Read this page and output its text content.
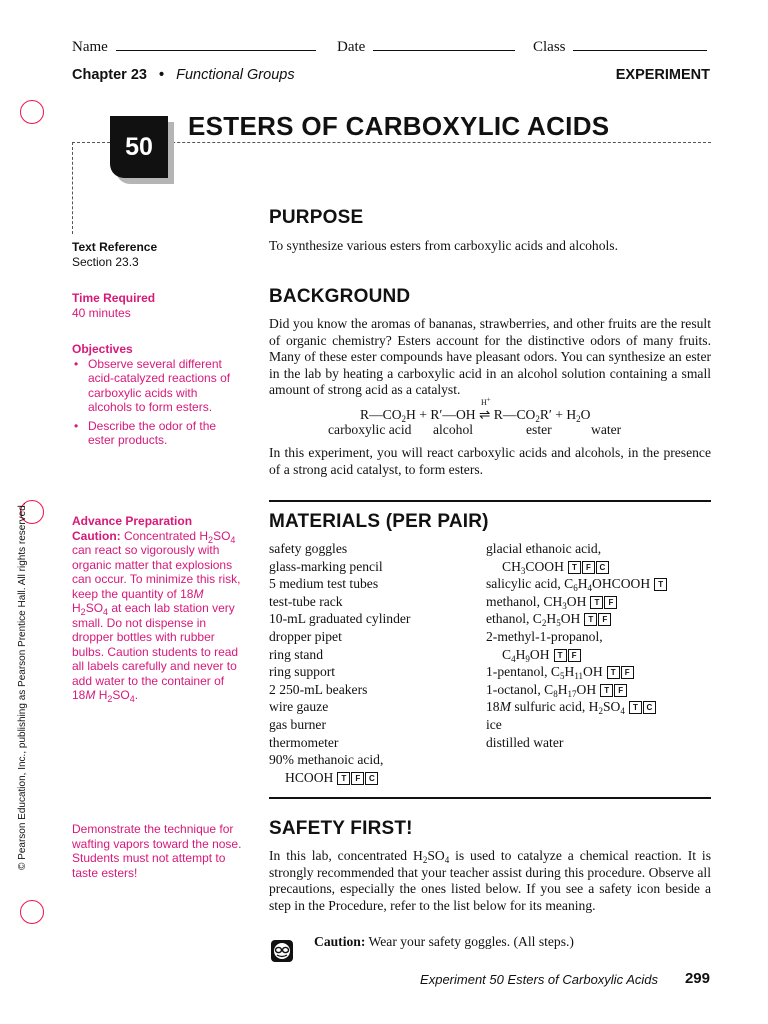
Name	Date	Class
Chapter 23 • Functional Groups	EXPERIMENT
50
ESTERS OF CARBOXYLIC ACIDS
© Pearson Education, Inc., publishing as Pearson Prentice Hall. All rights reserved.
Text Reference
Section 23.3
Time Required
40 minutes
Objectives
• Observe several different acid-catalyzed reactions of carboxylic acids with alcohols to form esters.
• Describe the odor of the ester products.
Advance Preparation
Caution: Concentrated $H_2SO_4$ can react so vigorously with organic matter that explosions can occur. To minimize this risk, keep the quantity of 18M $H_2SO_4$ at each lab station very small. Do not dispense in dropper bottles with rubber bulbs. Caution students to read all labels carefully and never to add water to the container of 18M $H_2SO_4$.
Demonstrate the technique for wafting vapors toward the nose. Students must not attempt to taste esters!
PURPOSE
To synthesize various esters from carboxylic acids and alcohols.
BACKGROUND
Did you know the aromas of bananas, strawberries, and other fruits are the result of organic chemistry? Esters account for the distinctive odors of many fruits. Many of these ester compounds have pleasant odors. You can synthesize an ester in the lab by heating a carboxylic acid in an alcohol solution containing a small amount of strong acid as a catalyst.
$R—CO_2H$ + R′—OH ⇌
H+
$R—CO_2R' + H_2O$
carboxylic acid alcohol	ester	water
In this experiment, you will react carboxylic acids and alcohols, in the presence of a strong acid catalyst, to form esters.
MATERIALS (PER PAIR)
safety goggles
glass-marking pencil
5 medium test tubes
test-tube rack
10-mL graduated cylinder
dropper pipet
ring stand
ring support
2 250-mL beakers
wire gauze
gas burner
thermometer
90% methanoic acid,
HCOOH T F C
glacial ethanoic acid,
$CH_3COOH$ T F C
salicylic acid, $C_6H_4OHCOOH$ T
methanol, $CH_3OH$ T F
ethanol, $C_2H_5OH$ T F
2-methyl-1-propanol,
$C_4H_9OH$ T F
1-pentanol, $C_5H_{11}OH$ T F
1-octanol, $C_8H_{17}OH$ T F
18M sulfuric acid, $H_2SO_4$ T C
ice
distilled water
SAFETY FIRST!
In this lab, concentrated $H_2SO_4$ is used to catalyze a chemical reaction. It is strongly recommended that your teacher assist during this procedure. Observe all precautions, especially the ones listed below. If you see a safety icon beside a step in the Procedure, refer to the list below for its meaning.
Caution: Wear your safety goggles. (All steps.)
Experiment 50 Esters of Carboxylic Acids 299
